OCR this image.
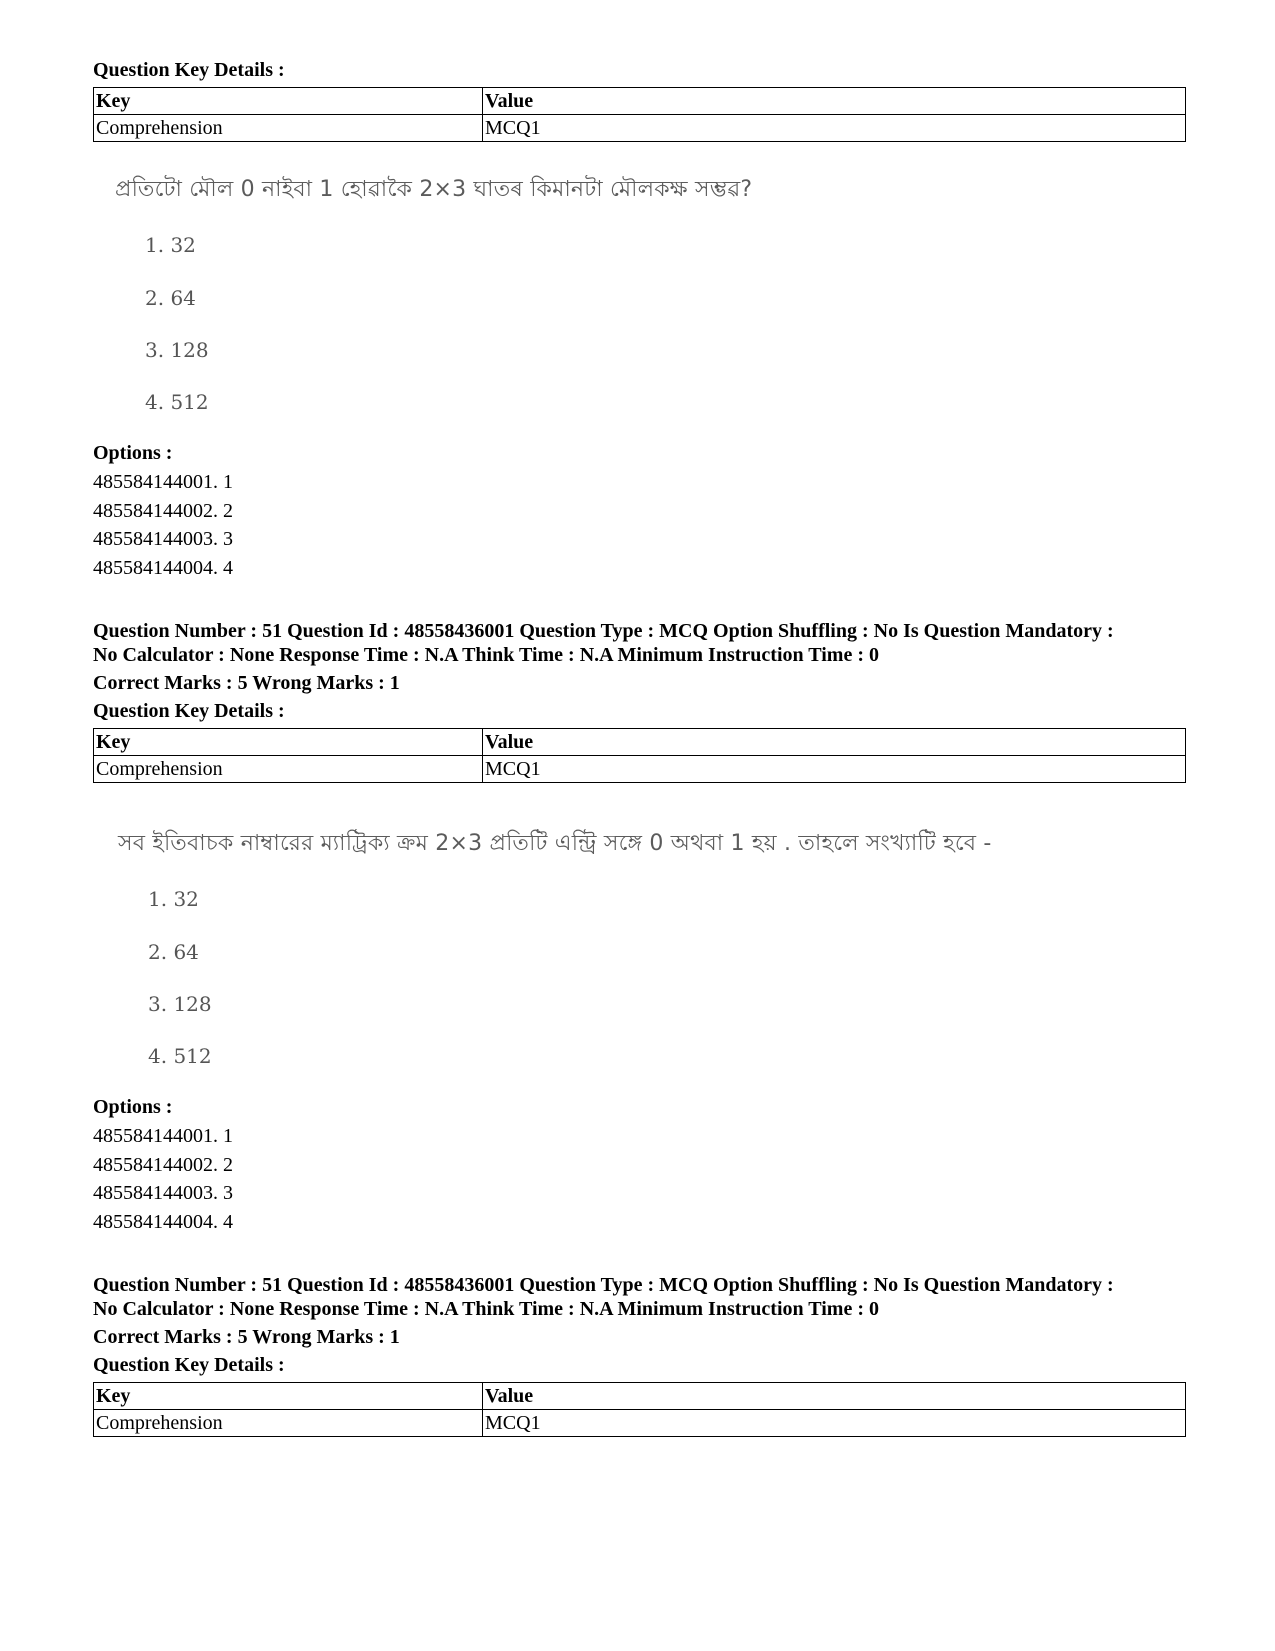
Question Key Details :

Key	Value
Comprehension	MCQ1
প্ৰতিটো মৌল 0 নাইবা 1 হোৱাকৈ 2×3 ঘাতৰ কিমানটা মৌলকক্ষ সম্ভৱ?
1. 32
2. 64
3. 128
4. 512

Options :

485584144001. 1
485584144002. 2
485584144003. 3
485584144004. 4
Question Number : 51 Question Id : 48558436001 Question Type : MCQ Option Shuffling : No Is Question Mandatory :
No Calculator : None Response Time : N.A Think Time : N.A Minimum Instruction Time : 0
Correct Marks : 5 Wrong Marks : 1
Question Key Details :
Key	Value
Comprehension	MCQ1
সব ইতিবাচক নাম্বারের ম্যাট্রিক্য ক্রম 2×3 প্রতিটি এন্ট্রি সঙ্গে 0 অথবা 1 হয় . তাহলে সংখ্যাটি হবে -
1. 32
2. 64
3. 128
4. 512

Options :

485584144001. 1
485584144002. 2
485584144003. 3
485584144004. 4
Question Number : 51 Question Id : 48558436001 Question Type : MCQ Option Shuffling : No Is Question Mandatory :
No Calculator : None Response Time : N.A Think Time : N.A Minimum Instruction Time : 0
Correct Marks : 5 Wrong Marks : 1
Question Key Details :
Key	Value
Comprehension	MCQ1
